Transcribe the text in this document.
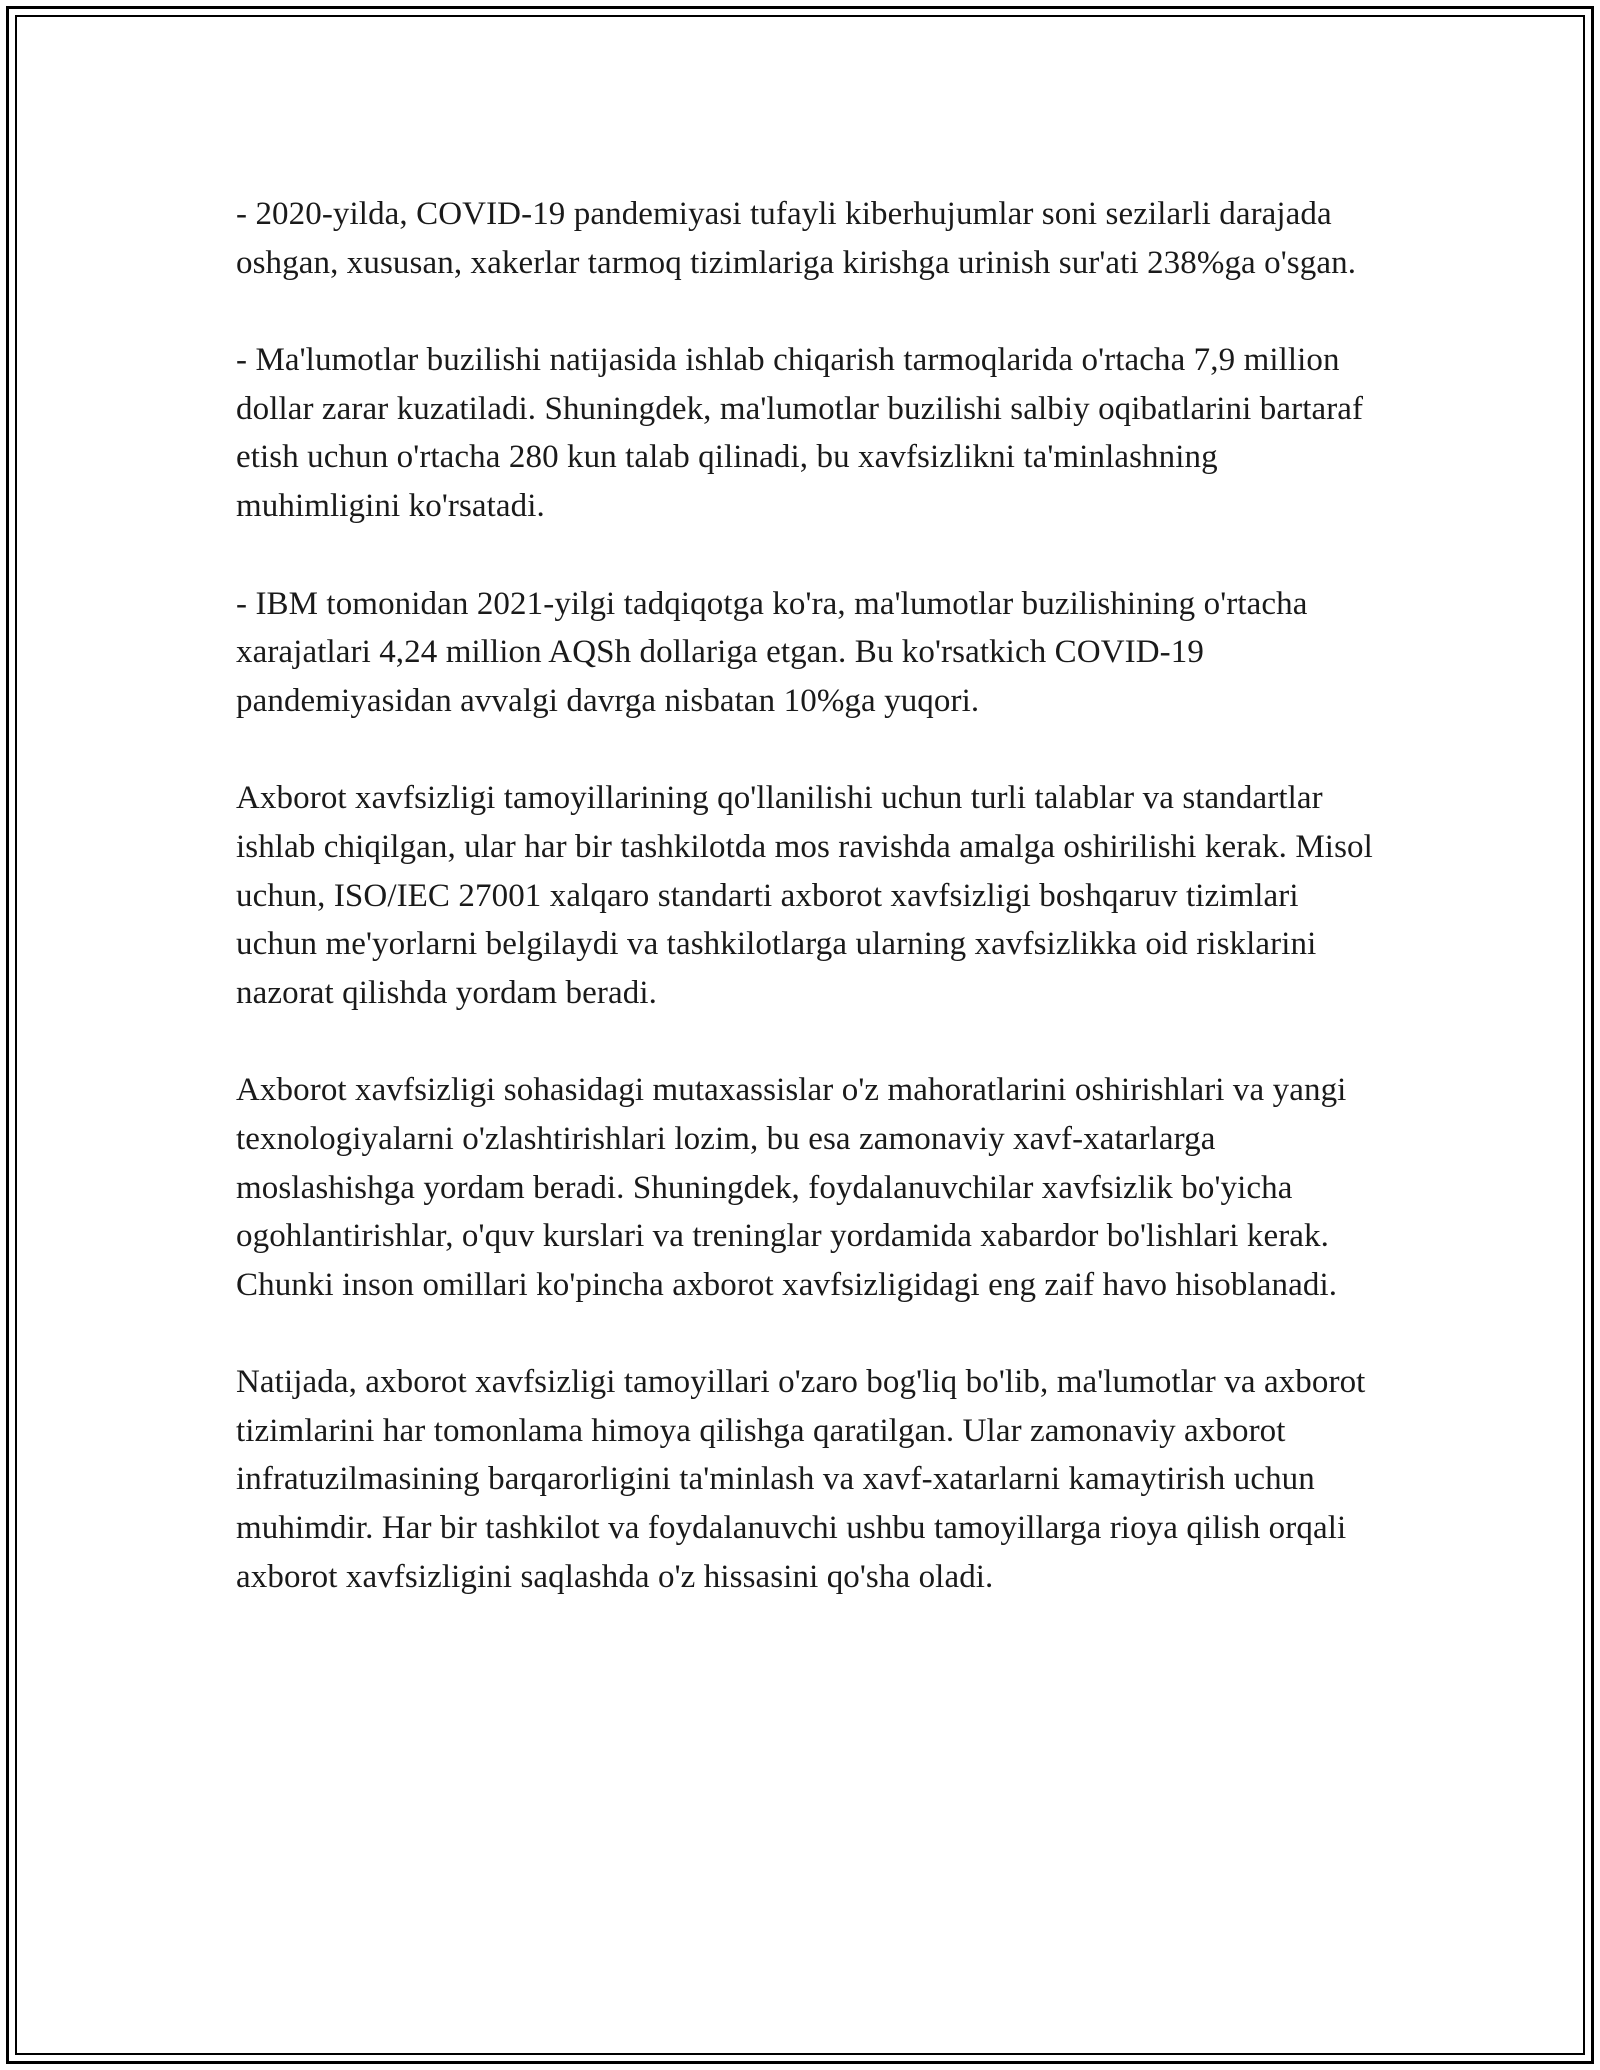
- 2020-yilda, COVID-19 pandemiyasi tufayli kiberhujumlar soni sezilarli darajada oshgan, xususan, xakerlar tarmoq tizimlariga kirishga urinish sur'ati 238%ga o'sgan.

- Ma'lumotlar buzilishi natijasida ishlab chiqarish tarmoqlarida o'rtacha 7,9 million dollar zarar kuzatiladi. Shuningdek, ma'lumotlar buzilishi salbiy oqibatlarini bartaraf etish uchun o'rtacha 280 kun talab qilinadi, bu xavfsizlikni ta'minlashning muhimligini ko'rsatadi.

- IBM tomonidan 2021-yilgi tadqiqotga ko'ra, ma'lumotlar buzilishining o'rtacha xarajatlari 4,24 million AQSh dollariga etgan. Bu ko'rsatkich COVID-19 pandemiyasidan avvalgi davrga nisbatan 10%ga yuqori.

Axborot xavfsizligi tamoyillarining qo'llanilishi uchun turli talablar va standartlar ishlab chiqilgan, ular har bir tashkilotda mos ravishda amalga oshirilishi kerak. Misol uchun, ISO/IEC 27001 xalqaro standarti axborot xavfsizligi boshqaruv tizimlari uchun me'yorlarni belgilaydi va tashkilotlarga ularning xavfsizlikka oid risklarini nazorat qilishda yordam beradi.

Axborot xavfsizligi sohasidagi mutaxassislar o'z mahoratlarini oshirishlari va yangi texnologiyalarni o'zlashtirishlari lozim, bu esa zamonaviy xavf-xatarlarga moslashishga yordam beradi. Shuningdek, foydalanuvchilar xavfsizlik bo'yicha ogohlantirishlar, o'quv kurslari va treninglar yordamida xabardor bo'lishlari kerak. Chunki inson omillari ko'pincha axborot xavfsizligidagi eng zaif havo hisoblanadi.

Natijada, axborot xavfsizligi tamoyillari o'zaro bog'liq bo'lib, ma'lumotlar va axborot tizimlarini har tomonlama himoya qilishga qaratilgan. Ular zamonaviy axborot infratuzilmasining barqarorligini ta'minlash va xavf-xatarlarni kamaytirish uchun muhimdir. Har bir tashkilot va foydalanuvchi ushbu tamoyillarga rioya qilish orqali axborot xavfsizligini saqlashda o'z hissasini qo'sha oladi.
